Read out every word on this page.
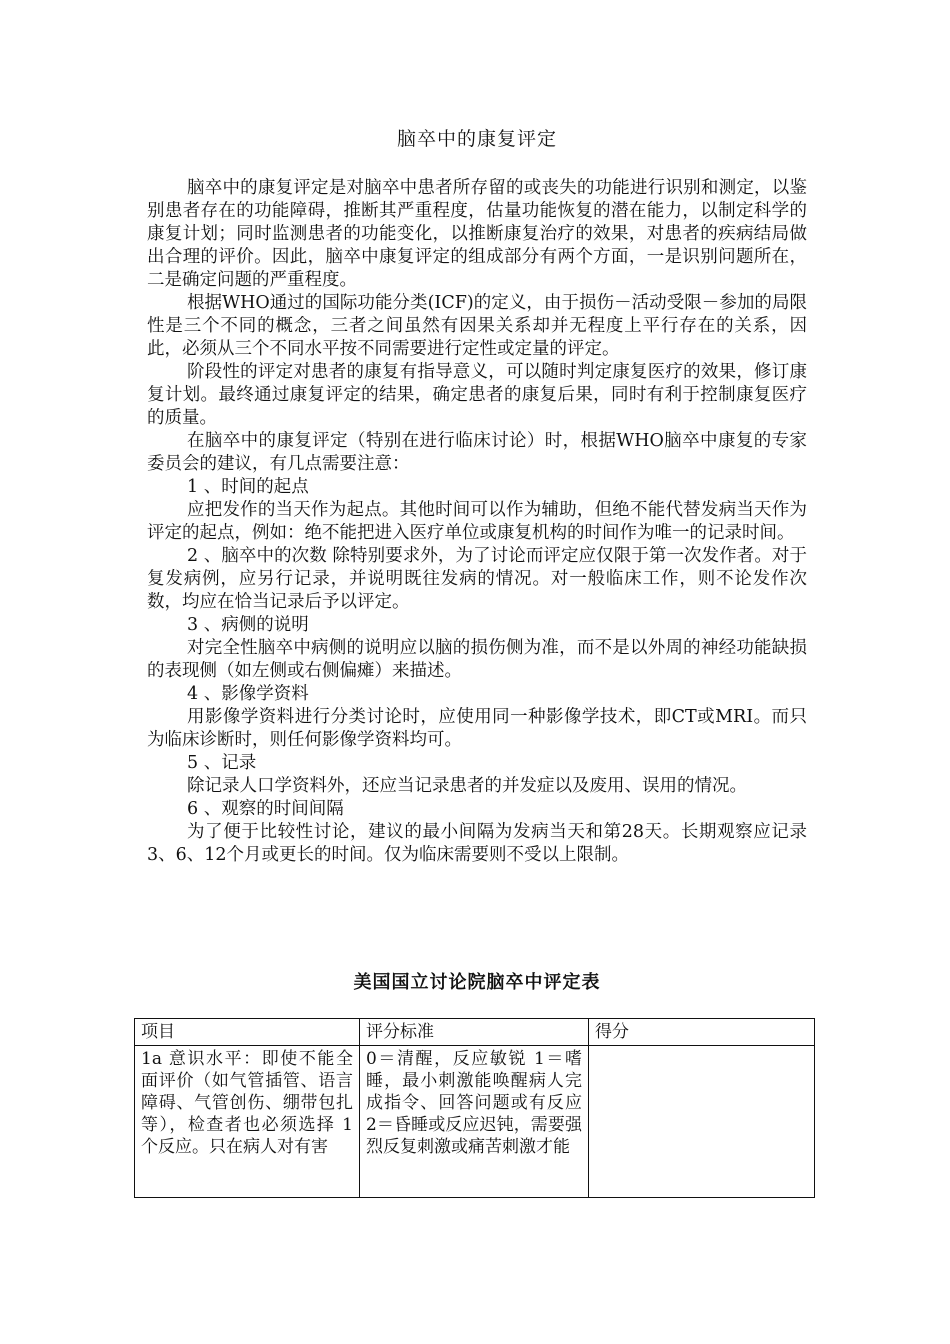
脑卒中的康复评定
脑卒中的康复评定是对脑卒中患者所存留的或丧失的功能进行识别和测定，以鉴别患者存在的功能障碍，推断其严重程度，估量功能恢复的潜在能力，以制定科学的康复计划；同时监测患者的功能变化，以推断康复治疗的效果，对患者的疾病结局做出合理的评价。因此，脑卒中康复评定的组成部分有两个方面，一是识别问题所在，二是确定问题的严重程度。
根据WHO通过的国际功能分类(ICF)的定义，由于损伤－活动受限－参加的局限性是三个不同的概念，三者之间虽然有因果关系却并无程度上平行存在的关系，因此，必须从三个不同水平按不同需要进行定性或定量的评定。
阶段性的评定对患者的康复有指导意义，可以随时判定康复医疗的效果，修订康复计划。最终通过康复评定的结果，确定患者的康复后果，同时有利于控制康复医疗的质量。
在脑卒中的康复评定（特别在进行临床讨论）时，根据WHO脑卒中康复的专家委员会的建议，有几点需要注意：
1 、时间的起点
应把发作的当天作为起点。其他时间可以作为辅助，但绝不能代替发病当天作为评定的起点，例如：绝不能把进入医疗单位或康复机构的时间作为唯一的记录时间。
2 、脑卒中的次数 除特别要求外，为了讨论而评定应仅限于第一次发作者。对于复发病例，应另行记录，并说明既往发病的情况。对一般临床工作，则不论发作次数，均应在恰当记录后予以评定。
3 、病侧的说明
对完全性脑卒中病侧的说明应以脑的损伤侧为准，而不是以外周的神经功能缺损的表现侧（如左侧或右侧偏瘫）来描述。
4 、影像学资料
用影像学资料进行分类讨论时，应使用同一种影像学技术，即CT或MRI。而只为临床诊断时，则任何影像学资料均可。
5 、记录
除记录人口学资料外，还应当记录患者的并发症以及废用、误用的情况。
6 、观察的时间间隔
为了便于比较性讨论，建议的最小间隔为发病当天和第28天。长期观察应记录3、6、12个月或更长的时间。仅为临床需要则不受以上限制。
美国国立讨论院脑卒中评定表
项目	评分标准	得分
1a 意识水平：即使不能全面评价（如气管插管、语言障碍、气管创伤、绷带包扎等），检查者也必须选择 1 个反应。只在病人对有害	0＝清醒，反应敏锐 1＝嗜睡，最小刺激能唤醒病人完成指令、回答问题或有反应　2＝昏睡或反应迟钝，需要强烈反复刺激或痛苦刺激才能	
